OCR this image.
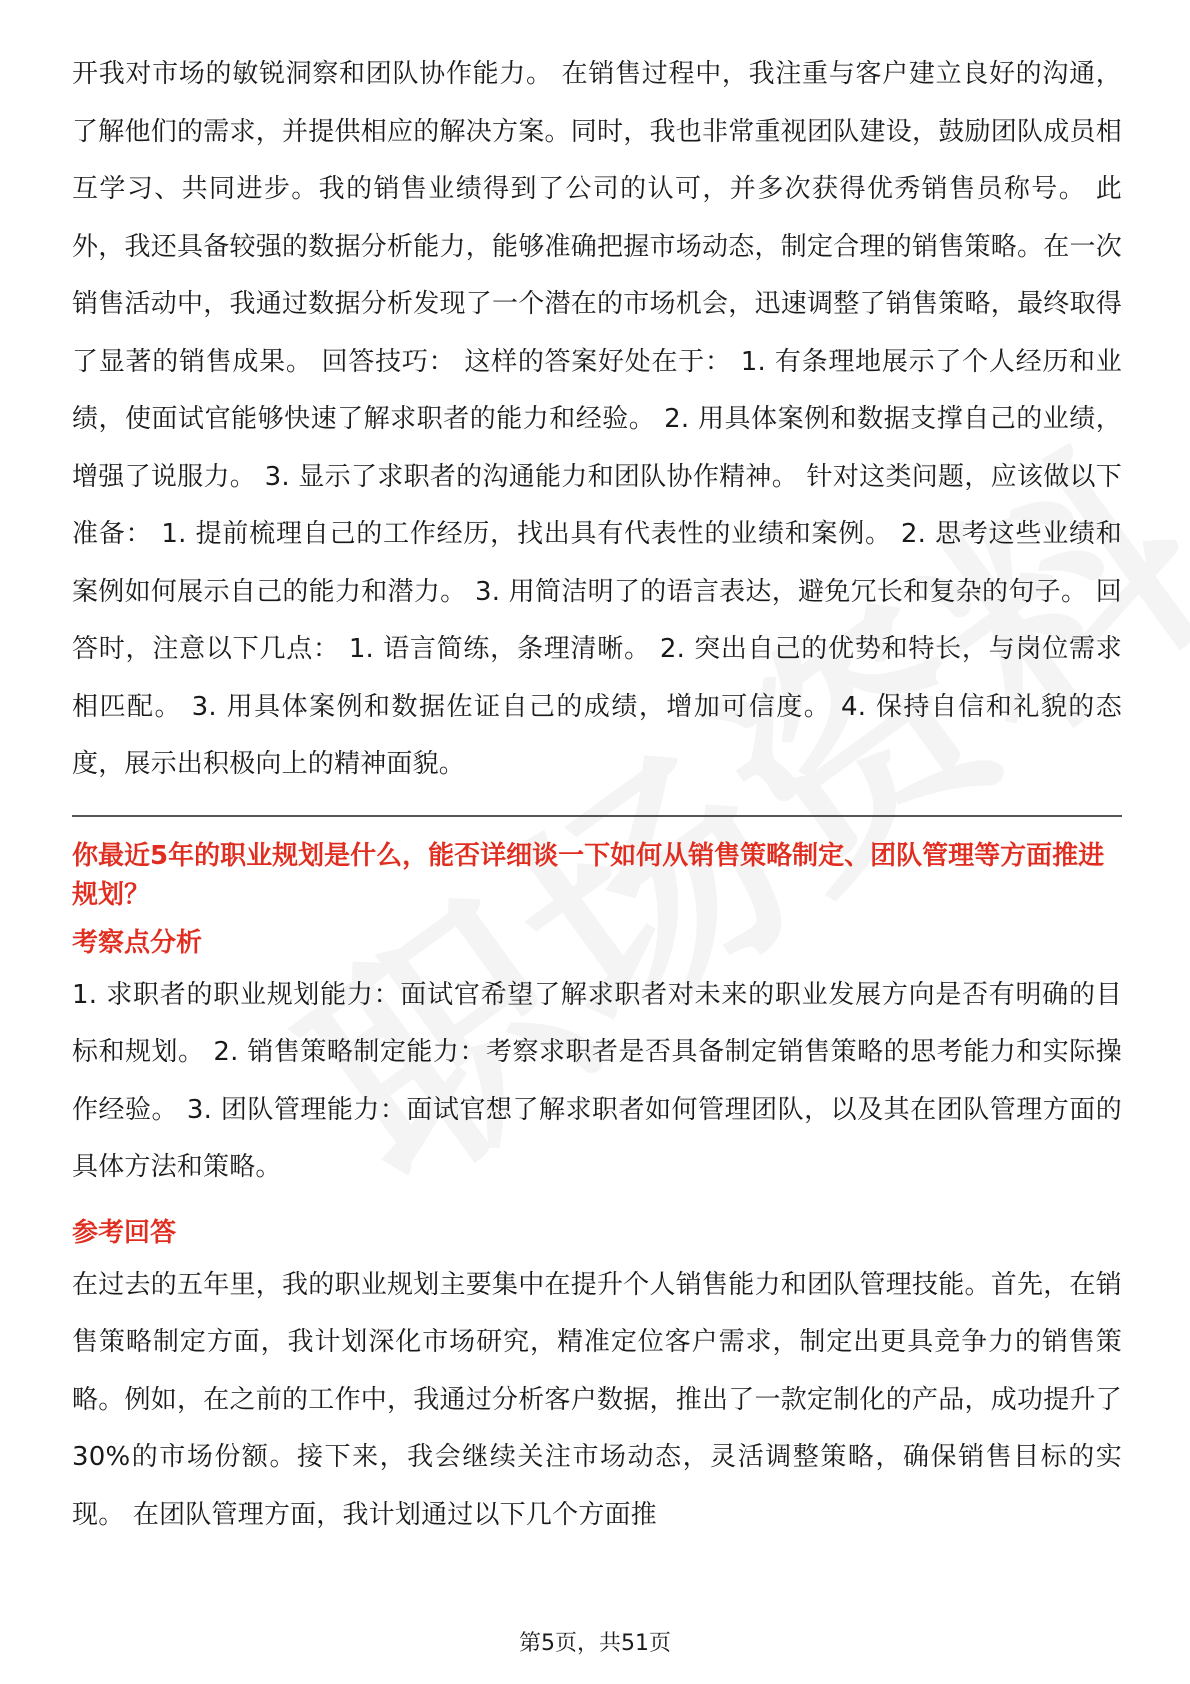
开我对市场的敏锐洞察和团队协作能力。 在销售过程中，我注重与客户建立良好的沟通，了解他们的需求，并提供相应的解决方案。同时，我也非常重视团队建设，鼓励团队成员相互学习、共同进步。我的销售业绩得到了公司的认可，并多次获得优秀销售员称号。 此外，我还具备较强的数据分析能力，能够准确把握市场动态，制定合理的销售策略。在一次销售活动中，我通过数据分析发现了一个潜在的市场机会，迅速调整了销售策略，最终取得了显著的销售成果。 回答技巧： 这样的答案好处在于： 1. 有条理地展示了个人经历和业绩，使面试官能够快速了解求职者的能力和经验。 2. 用具体案例和数据支撑自己的业绩，增强了说服力。 3. 显示了求职者的沟通能力和团队协作精神。 针对这类问题，应该做以下准备： 1. 提前梳理自己的工作经历，找出具有代表性的业绩和案例。 2. 思考这些业绩和案例如何展示自己的能力和潜力。 3. 用简洁明了的语言表达，避免冗长和复杂的句子。 回答时，注意以下几点： 1. 语言简练，条理清晰。 2. 突出自己的优势和特长，与岗位需求相匹配。 3. 用具体案例和数据佐证自己的成绩，增加可信度。 4. 保持自信和礼貌的态度，展示出积极向上的精神面貌。

你最近5年的职业规划是什么，能否详细谈一下如何从销售策略制定、团队管理等方面推进规划？

考察点分析

1. 求职者的职业规划能力：面试官希望了解求职者对未来的职业发展方向是否有明确的目标和规划。 2. 销售策略制定能力：考察求职者是否具备制定销售策略的思考能力和实际操作经验。 3. 团队管理能力：面试官想了解求职者如何管理团队，以及其在团队管理方面的具体方法和策略。

参考回答

在过去的五年里，我的职业规划主要集中在提升个人销售能力和团队管理技能。首先，在销售策略制定方面，我计划深化市场研究，精准定位客户需求，制定出更具竞争力的销售策略。例如，在之前的工作中，我通过分析客户数据，推出了一款定制化的产品，成功提升了30%的市场份额。接下来，我会继续关注市场动态，灵活调整策略，确保销售目标的实现。 在团队管理方面，我计划通过以下几个方面推

第5页，共51页
